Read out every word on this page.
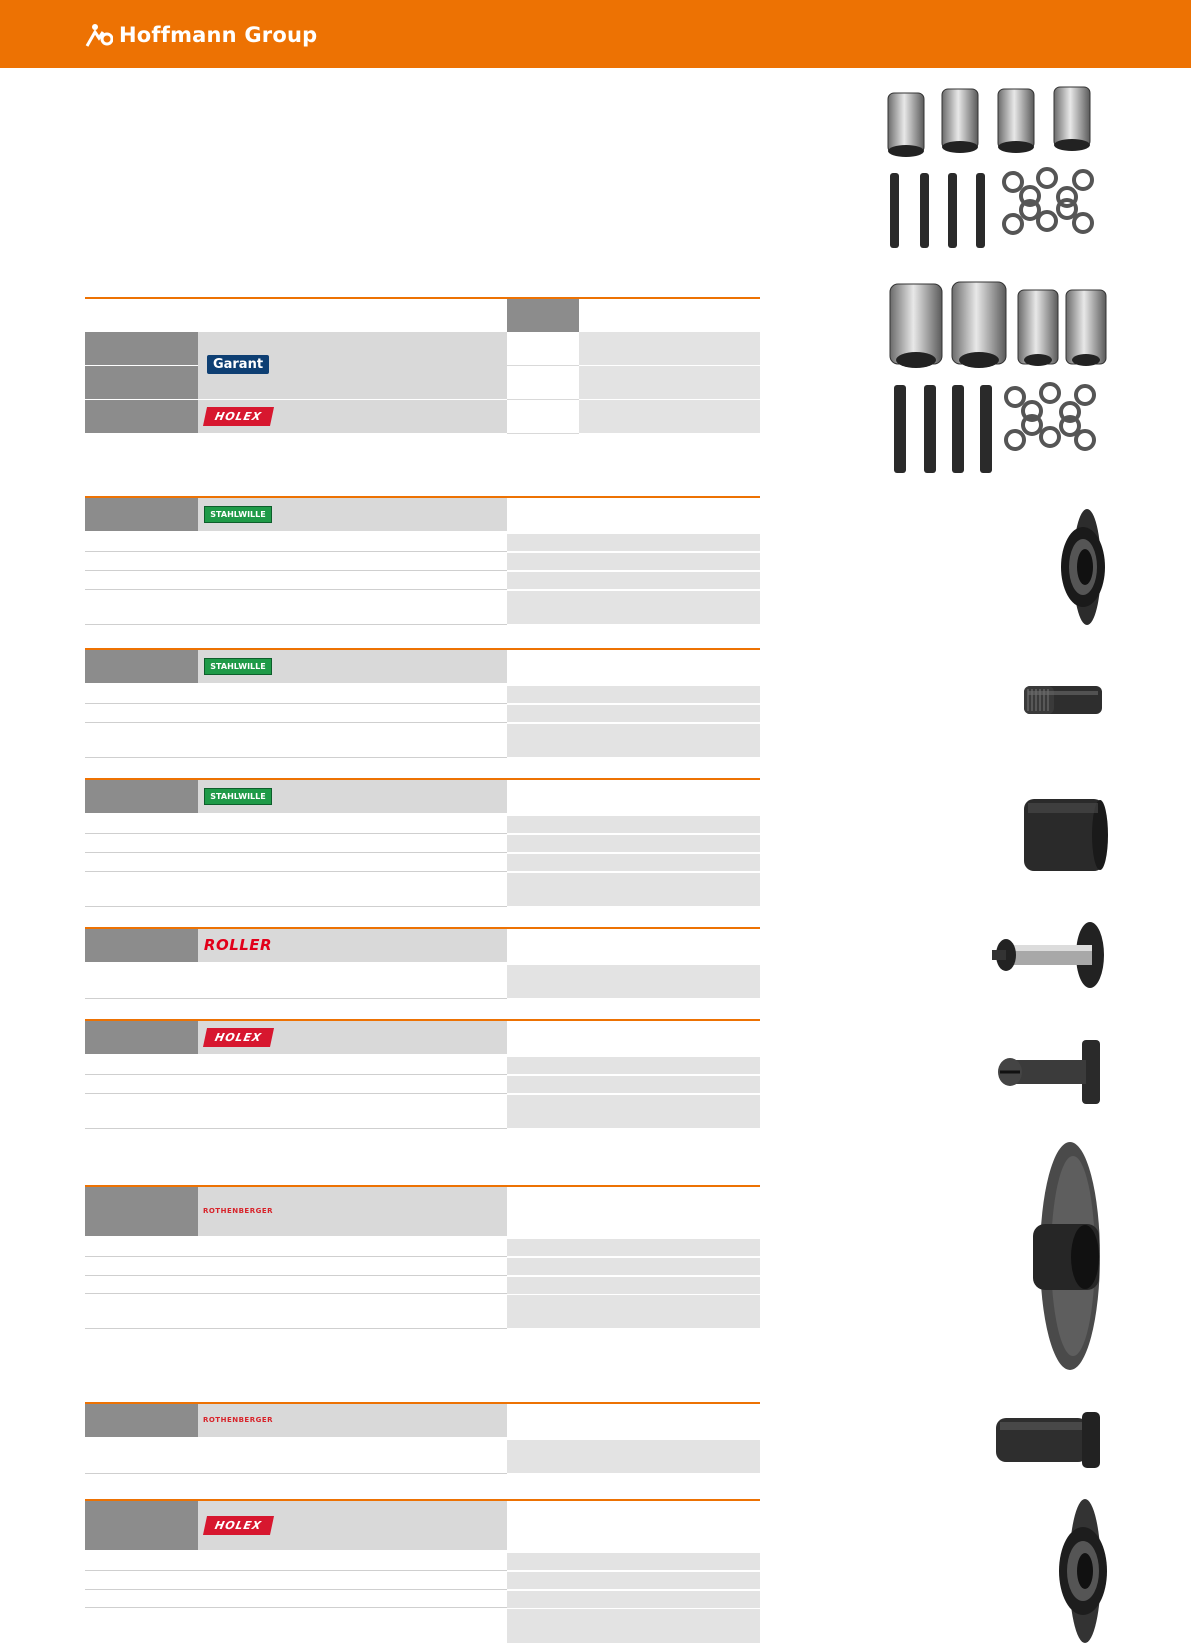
Hoffmann Group
Garant
HOLEX
STAHLWILLE
STAHLWILLE
STAHLWILLE
ROLLER
HOLEX
ROTHENBERGER
ROTHENBERGER
HOLEX
